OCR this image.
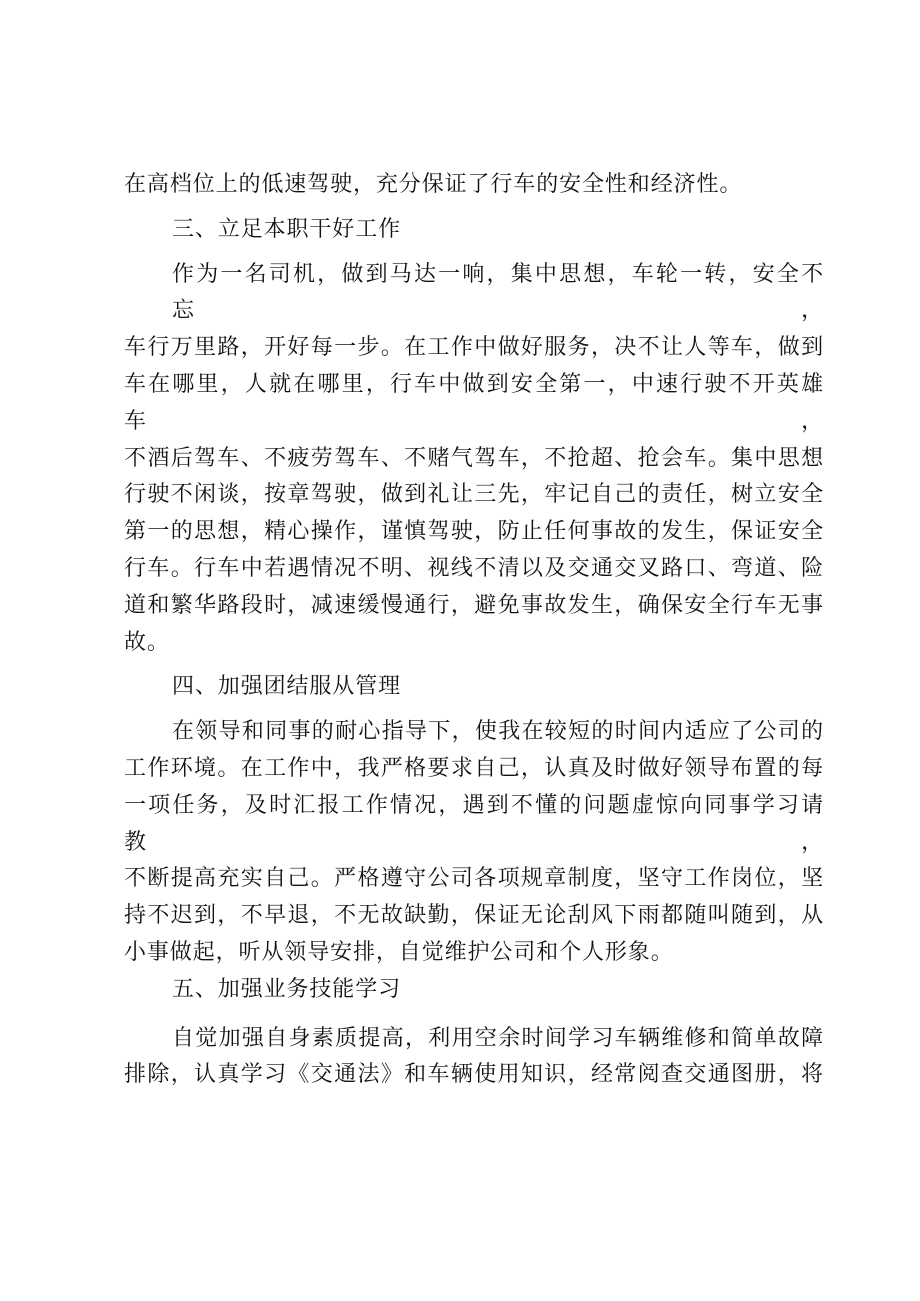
在高档位上的低速驾驶，充分保证了行车的安全性和经济性。
三、立足本职干好工作
作为一名司机，做到马达一响，集中思想，车轮一转，安全不忘，
车行万里路，开好每一步。在工作中做好服务，决不让人等车，做到
车在哪里，人就在哪里，行车中做到安全第一，中速行驶不开英雄车，
不酒后驾车、不疲劳驾车、不赌气驾车，不抢超、抢会车。集中思想
行驶不闲谈，按章驾驶，做到礼让三先，牢记自己的责任，树立安全
第一的思想，精心操作，谨慎驾驶，防止任何事故的发生，保证安全
行车。行车中若遇情况不明、视线不清以及交通交叉路口、弯道、险
道和繁华路段时，减速缓慢通行，避免事故发生，确保安全行车无事
故。
四、加强团结服从管理
在领导和同事的耐心指导下，使我在较短的时间内适应了公司的
工作环境。在工作中，我严格要求自己，认真及时做好领导布置的每
一项任务，及时汇报工作情况，遇到不懂的问题虚惊向同事学习请教，
不断提高充实自己。严格遵守公司各项规章制度，坚守工作岗位，坚
持不迟到，不早退，不无故缺勤，保证无论刮风下雨都随叫随到，从
小事做起，听从领导安排，自觉维护公司和个人形象。
五、加强业务技能学习
自觉加强自身素质提高，利用空余时间学习车辆维修和简单故障
排除，认真学习《交通法》和车辆使用知识，经常阅查交通图册，将
